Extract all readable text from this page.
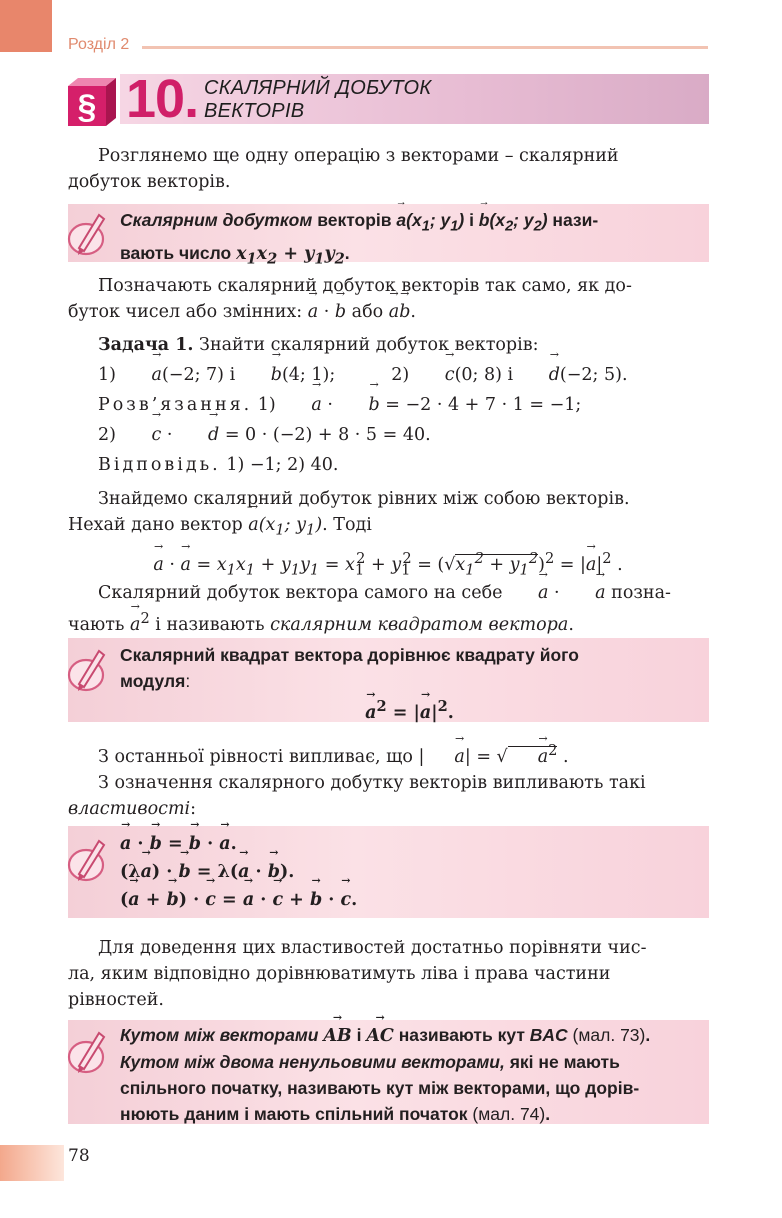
Розділ 2
§ 10. СКАЛЯРНИЙ ДОБУТОК
ВЕКТОРІВ
Розглянемо ще одну операцію з векторами – скалярний
добуток векторів.
Скалярним добутком векторів → $a(x_1$; $y_1$) $і \to b(x_2$; $y_2$) нази-
вають число $x_1x_2 + y_1y_2$.
Позначають скалярний добуток векторів так само, як до-
буток чисел або змінних: → a · → b або → a→ b.
Задача 1. Знайти скалярний добуток векторів:
1) → a(−2; 7) і → b(4; 1);	2) → c(0; 8) і → d(−2; 5).
Розв’язання. 1) → a · → b = −2 · 4 + 7 · 1 = −1;
2) → c · → d = 0 · (−2) + 8 · 5 = 40.
Відповідь. 1) −1; 2) 40.
Знайдемо скалярний добуток рівних між собою векторів.
Нехай дано вектор → $a(x_1$; $y_1$). Тоді
→ a · → $a = x_1x_1 + y_1y_1 = x_1^2 + y_1^2 = (√x_1^2 + y_1^2)^2$ = |→ $a|^2$ .
Скалярний добуток вектора самого на себе → a · → a позна-
чають → $a^2$ і називають скалярним квадратом вектора.
Скалярний квадрат вектора дорівнює квадрату його
модуля:
→ $a^2$ = |→ $a|^2$.
З останньої рівності випливає, що | → a| = √ → $a^2$ .
З означення скалярного добутку векторів випливають такі
властивості:
→ a · → b = → b · → a.
(λ→ a) · → b = λ(→ a · → b).
(→ a + → b) · → c = → a · → c + → b · → c.
Для доведення цих властивостей достатньо порівняти чис-
ла, яким відповідно дорівнюватимуть ліва і права частини
рівностей.
Кутом між векторами → AB і → AC називають кут BAC (мал. 73).
Кутом між двома ненульовими векторами, які не мають
спільного початку, називають кут між векторами, що дорів-
нюють даним і мають спільний початок (мал. 74).
78
